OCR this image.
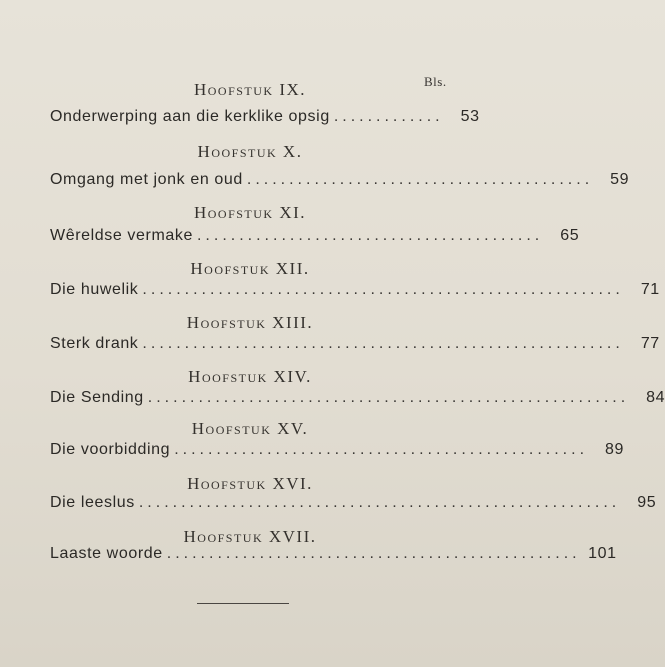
Bls.
Hoofstuk IX.
Onderwerping aan die kerklike opsig .............	53
Hoofstuk X.
Omgang met jonk en oud .........................................	59
Hoofstuk XI.
Wêreldse vermake .........................................	65
Hoofstuk XII.
Die huwelik .........................................................	71
Hoofstuk XIII.
Sterk drank .........................................................	77
Hoofstuk XIV.
Die Sending .........................................................	84
Hoofstuk XV.
Die voorbidding .................................................	89
Hoofstuk XVI.
Die leeslus .........................................................	95
Hoofstuk XVII.
Laaste woorde ................................................. 101
